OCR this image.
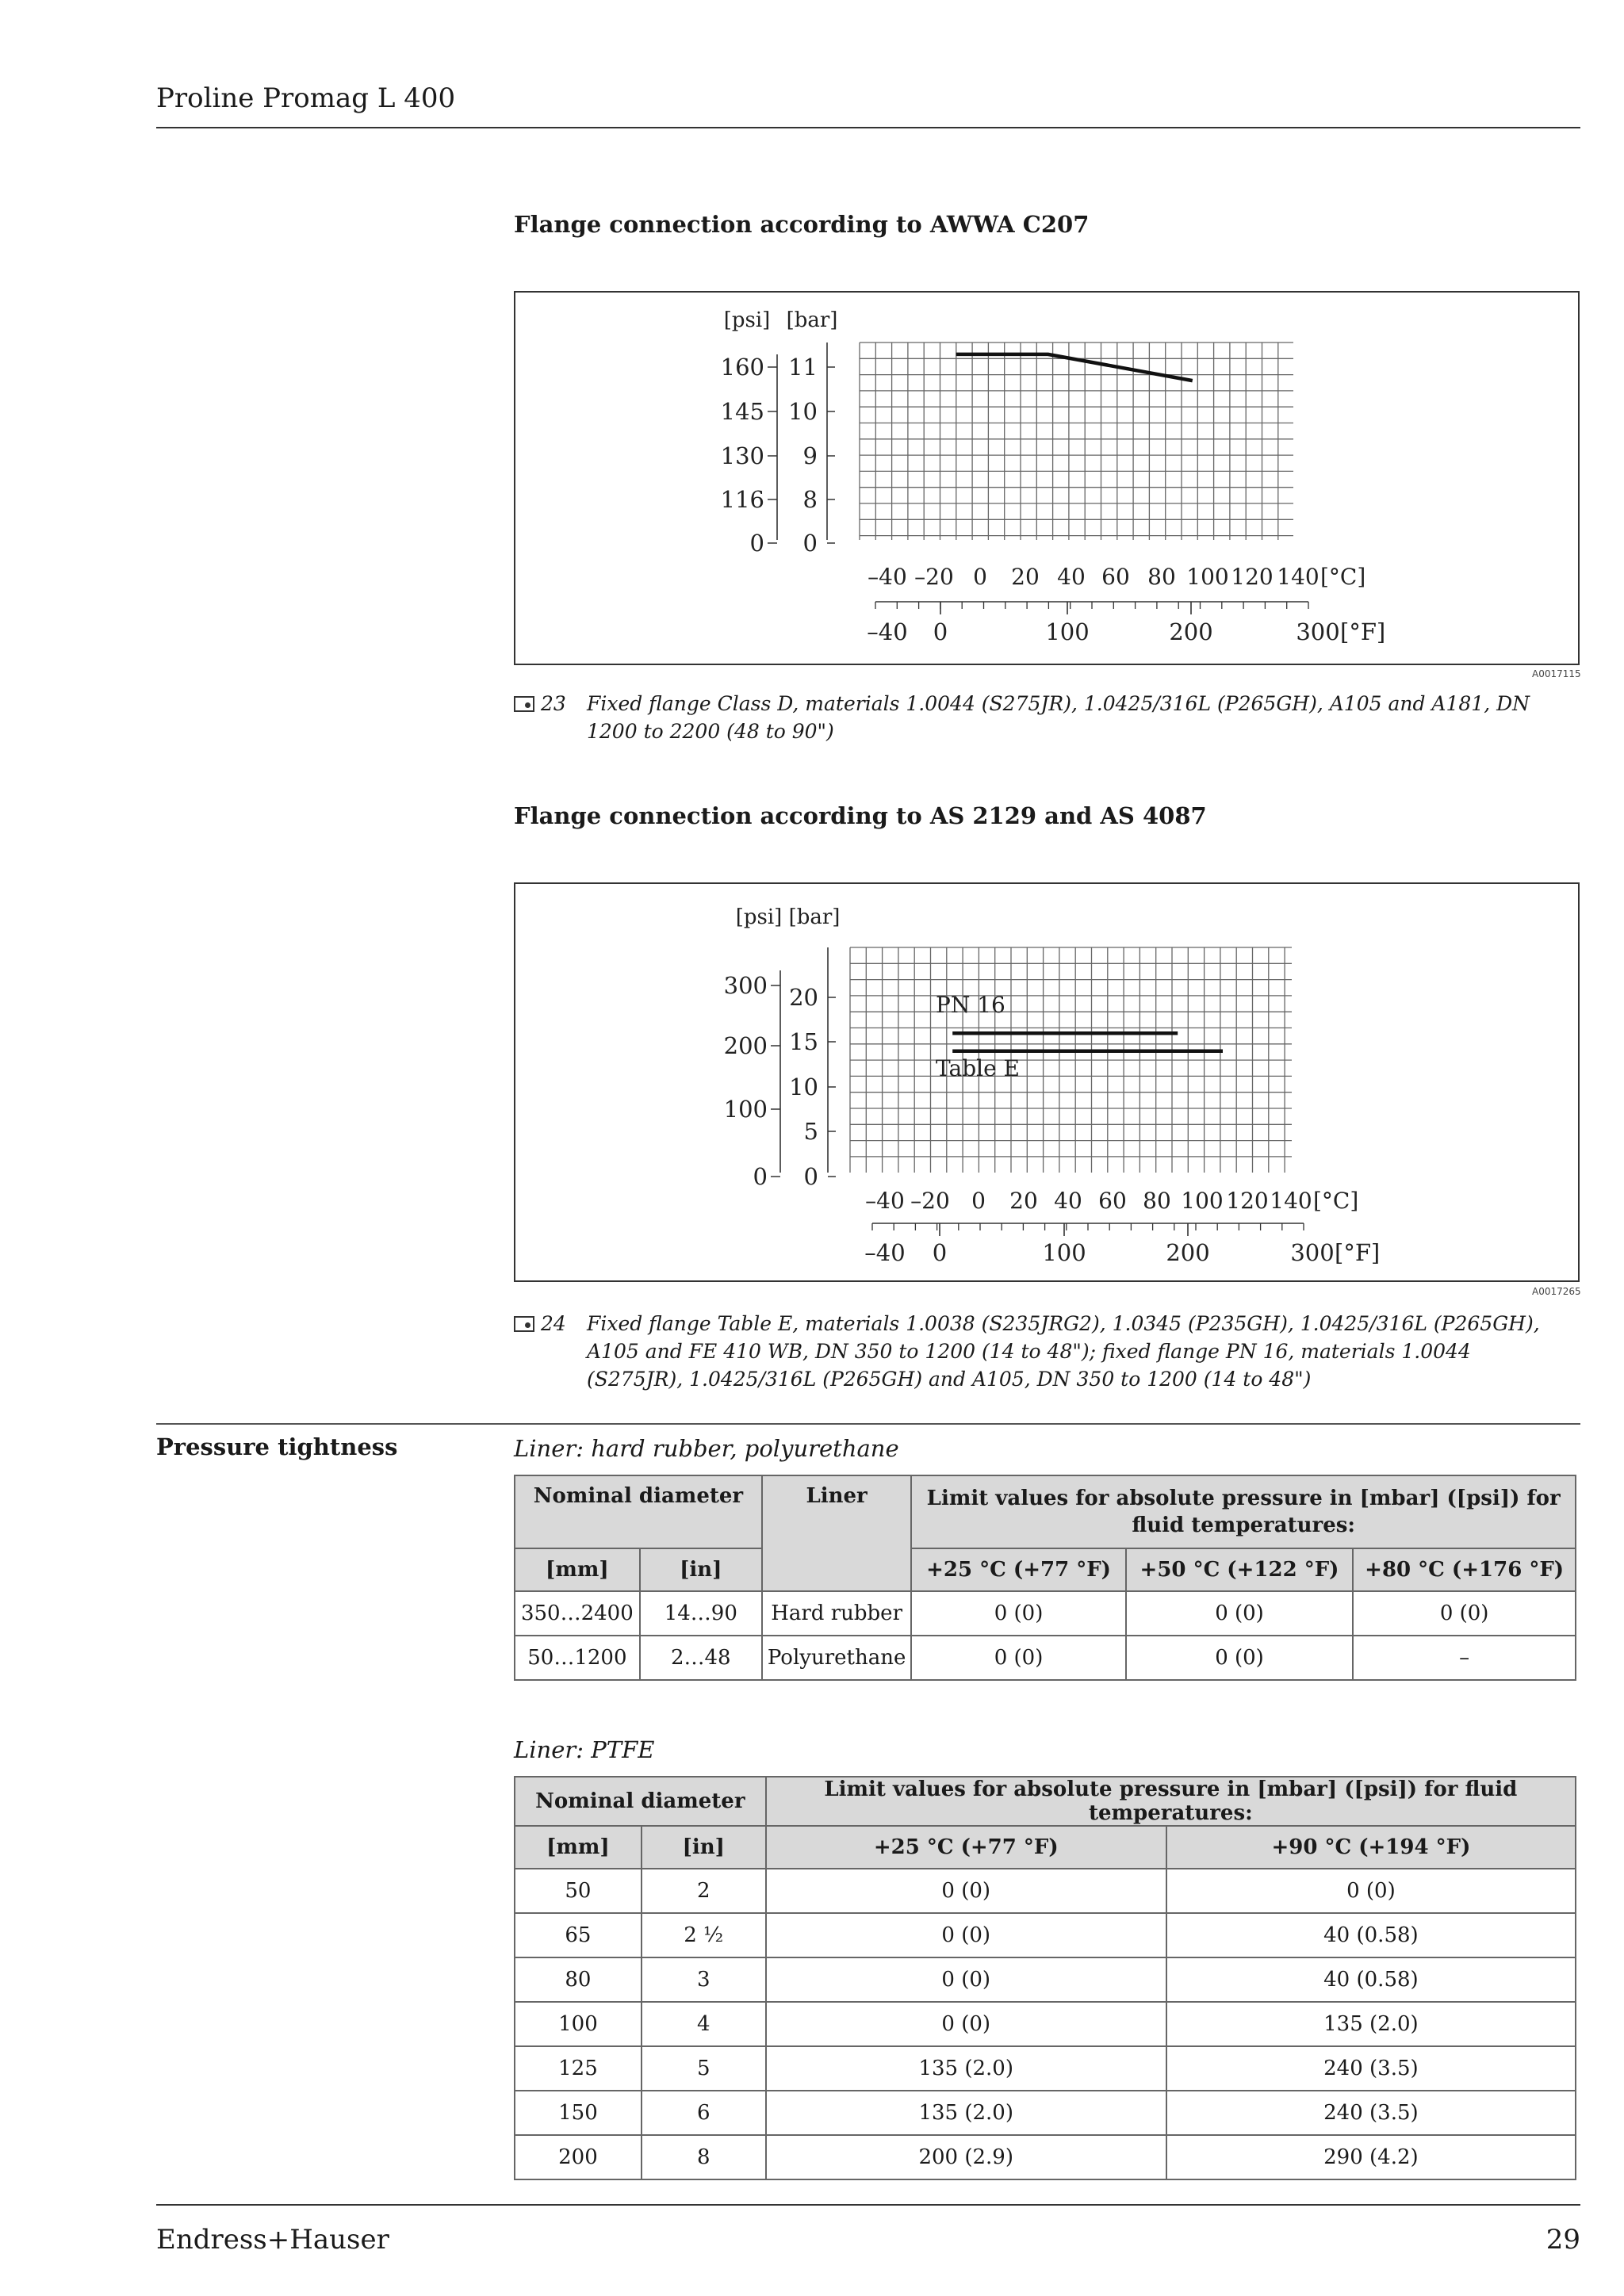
Proline Promag L 400
Flange connection according to AWWA C207
[psi] [bar]
0
8
9
10
11
0
116
130
145
160
–40 –20 0 20 40 60 80 100 120 140 [°C]
–40 0	100	200	300 [°F]
A0017115
23 Fixed flange Class D, materials 1.0044 (S275JR), 1.0425/316L (P265GH), A105 and A181, DN 1200 to 2200 (48 to 90")
Flange connection according to AS 2129 and AS 4087
[psi] [bar]
0
5
10
15
20
0
100
200
300
–40 –20 0 20 40 60 80 100 120 140 [°C]
–40 0	100	200	300 [°F]
PN 16
Table E
A0017265
24 Fixed flange Table E, materials 1.0038 (S235JRG2), 1.0345 (P235GH), 1.0425/316L (P265GH), A105 and FE 410 WB, DN 350 to 1200 (14 to 48"); fixed flange PN 16, materials 1.0044 (S275JR), 1.0425/316L (P265GH) and A105, DN 350 to 1200 (14 to 48")
Pressure tightness	Liner: hard rubber, polyurethane
Nominal diameter		Liner	Limit values for absolute pressure in [mbar] ([psi]) for fluid temperatures:		
[mm]	[in]		+25 °C (+77 °F)	+50 °C (+122 °F)	+80 °C (+176 °F)
350…2400	14…90	Hard rubber	0 (0)	0 (0)	0 (0)
50…1200	2…48	Polyurethane	0 (0)	0 (0)	–
Liner: PTFE
Nominal diameter		Limit values for absolute pressure in [mbar] ([psi]) for fluid temperatures:	
[mm]	[in]	+25 °C (+77 °F)	+90 °C (+194 °F)
50	2	0 (0)	0 (0)
65	2 ½	0 (0)	40 (0.58)
80	3	0 (0)	40 (0.58)
100	4	0 (0)	135 (2.0)
125	5	135 (2.0)	240 (3.5)
150	6	135 (2.0)	240 (3.5)
200	8	200 (2.9)	290 (4.2)
Endress+Hauser	29
